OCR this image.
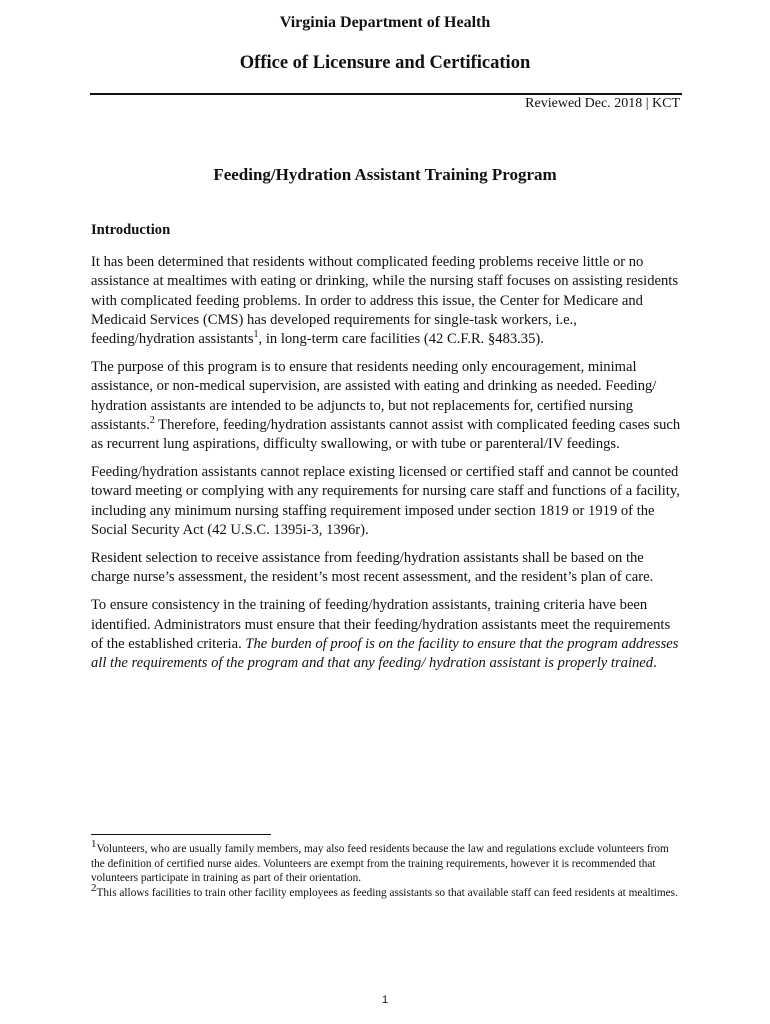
Virginia Department of Health
Office of Licensure and Certification
Reviewed Dec. 2018 | KCT
Feeding/Hydration Assistant Training Program

Introduction

It has been determined that residents without complicated feeding problems receive little or no assistance at mealtimes with eating or drinking, while the nursing staff focuses on assisting residents with complicated feeding problems. In order to address this issue, the Center for Medicare and Medicaid Services (CMS) has developed requirements for single-task workers, i.e., feeding/hydration assistants$^1$, in long-term care facilities (42 C.F.R. §483.35).

The purpose of this program is to ensure that residents needing only encouragement, minimal assistance, or non-medical supervision, are assisted with eating and drinking as needed. Feeding/ hydration assistants are intended to be adjuncts to, but not replacements for, certified nursing assistants.$^2$ Therefore, feeding/hydration assistants cannot assist with complicated feeding cases such as recurrent lung aspirations, difficulty swallowing, or with tube or parenteral/IV feedings.

Feeding/hydration assistants cannot replace existing licensed or certified staff and cannot be counted toward meeting or complying with any requirements for nursing care staff and functions of a facility, including any minimum nursing staffing requirement imposed under section 1819 or 1919 of the Social Security Act (42 U.S.C. 1395i-3, 1396r).

Resident selection to receive assistance from feeding/hydration assistants shall be based on the charge nurse’s assessment, the resident’s most recent assessment, and the resident’s plan of care.

To ensure consistency in the training of feeding/hydration assistants, training criteria have been identified. Administrators must ensure that their feeding/hydration assistants meet the requirements of the established criteria. The burden of proof is on the facility to ensure that the program addresses all the requirements of the program and that any feeding/ hydration assistant is properly trained.

$^1$Volunteers, who are usually family members, may also feed residents because the law and regulations exclude volunteers from the definition of certified nurse aides. Volunteers are exempt from the training requirements, however it is recommended that volunteers participate in training as part of their orientation.

$^2$This allows facilities to train other facility employees as feeding assistants so that available staff can feed residents at mealtimes.

1
